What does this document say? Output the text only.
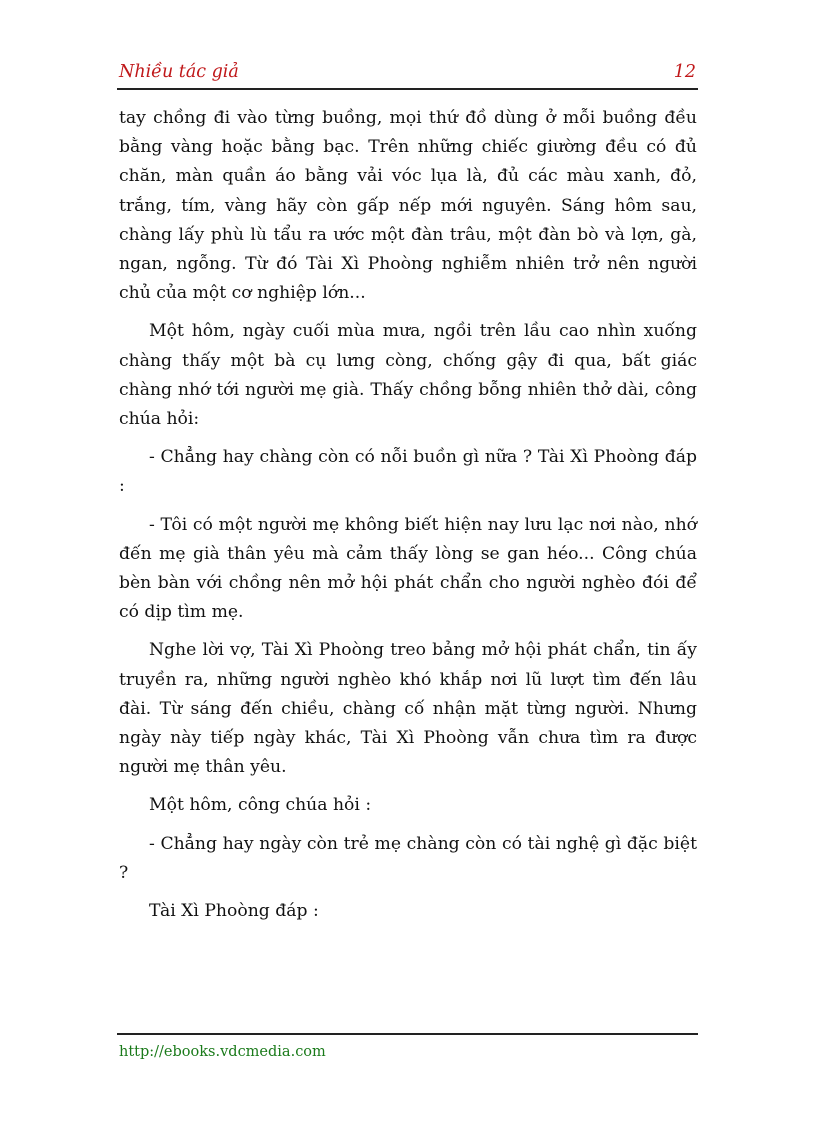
Nhiều tác giả	12

tay chồng đi vào từng buồng, mọi thứ đồ dùng ở mỗi buồng đều bằng vàng hoặc bằng bạc. Trên những chiếc giường đều có đủ chăn, màn quần áo bằng vải vóc lụa là, đủ các màu xanh, đỏ, trắng, tím, vàng hãy còn gấp nếp mới nguyên. Sáng hôm sau, chàng lấy phù lù tẩu ra ước một đàn trâu, một đàn bò và lợn, gà, ngan, ngỗng. Từ đó Tài Xì Phoòng nghiễm nhiên trở nên người chủ của một cơ nghiệp lớn...

Một hôm, ngày cuối mùa mưa, ngồi trên lầu cao nhìn xuống chàng thấy một bà cụ lưng còng, chống gậy đi qua, bất giác chàng nhớ tới người mẹ già. Thấy chồng bỗng nhiên thở dài, công chúa hỏi:

- Chẳng hay chàng còn có nỗi buồn gì nữa ? Tài Xì Phoòng đáp :

- Tôi có một người mẹ không biết hiện nay lưu lạc nơi nào, nhớ đến mẹ già thân yêu mà cảm thấy lòng se gan héo... Công chúa bèn bàn với chồng nên mở hội phát chẩn cho người nghèo đói để có dịp tìm mẹ.

Nghe lời vợ, Tài Xì Phoòng treo bảng mở hội phát chẩn, tin ấy truyền ra, những người nghèo khó khắp nơi lũ lượt tìm đến lâu đài. Từ sáng đến chiều, chàng cố nhận mặt từng người. Nhưng ngày này tiếp ngày khác, Tài Xì Phoòng vẫn chưa tìm ra được người mẹ thân yêu.

Một hôm, công chúa hỏi :

- Chẳng hay ngày còn trẻ mẹ chàng còn có tài nghệ gì đặc biệt ?

Tài Xì Phoòng đáp :

http://ebooks.vdcmedia.com
